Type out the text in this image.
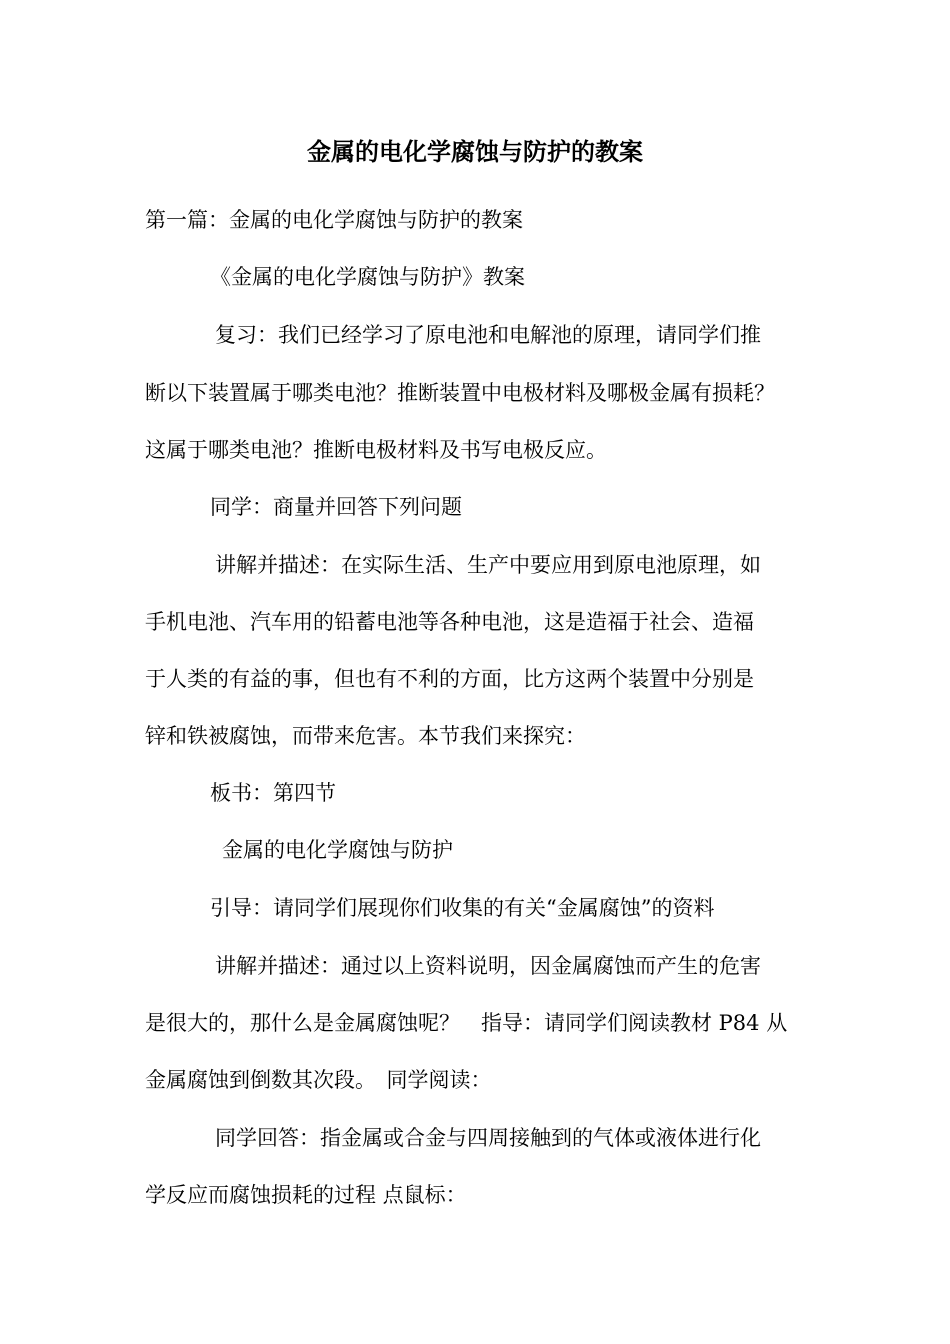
金属的电化学腐蚀与防护的教案
第一篇：金属的电化学腐蚀与防护的教案
《金属的电化学腐蚀与防护》教案
复习：我们已经学习了原电池和电解池的原理，请同学们推
断以下装置属于哪类电池？推断装置中电极材料及哪极金属有损耗？
这属于哪类电池？推断电极材料及书写电极反应。
同学：商量并回答下列问题
讲解并描述：在实际生活、生产中要应用到原电池原理，如
手机电池、汽车用的铅蓄电池等各种电池，这是造福于社会、造福
于人类的有益的事，但也有不利的方面，比方这两个装置中分别是
锌和铁被腐蚀，而带来危害。本节我们来探究：
板书：第四节
金属的电化学腐蚀与防护
引导：请同学们展现你们收集的有关“金属腐蚀”的资料
讲解并描述：通过以上资料说明，因金属腐蚀而产生的危害
是很大的，那什么是金属腐蚀呢？　指导：请同学们阅读教材 P84 从
金属腐蚀到倒数其次段。　同学阅读：
同学回答：指金属或合金与四周接触到的气体或液体进行化
学反应而腐蚀损耗的过程 点鼠标：
